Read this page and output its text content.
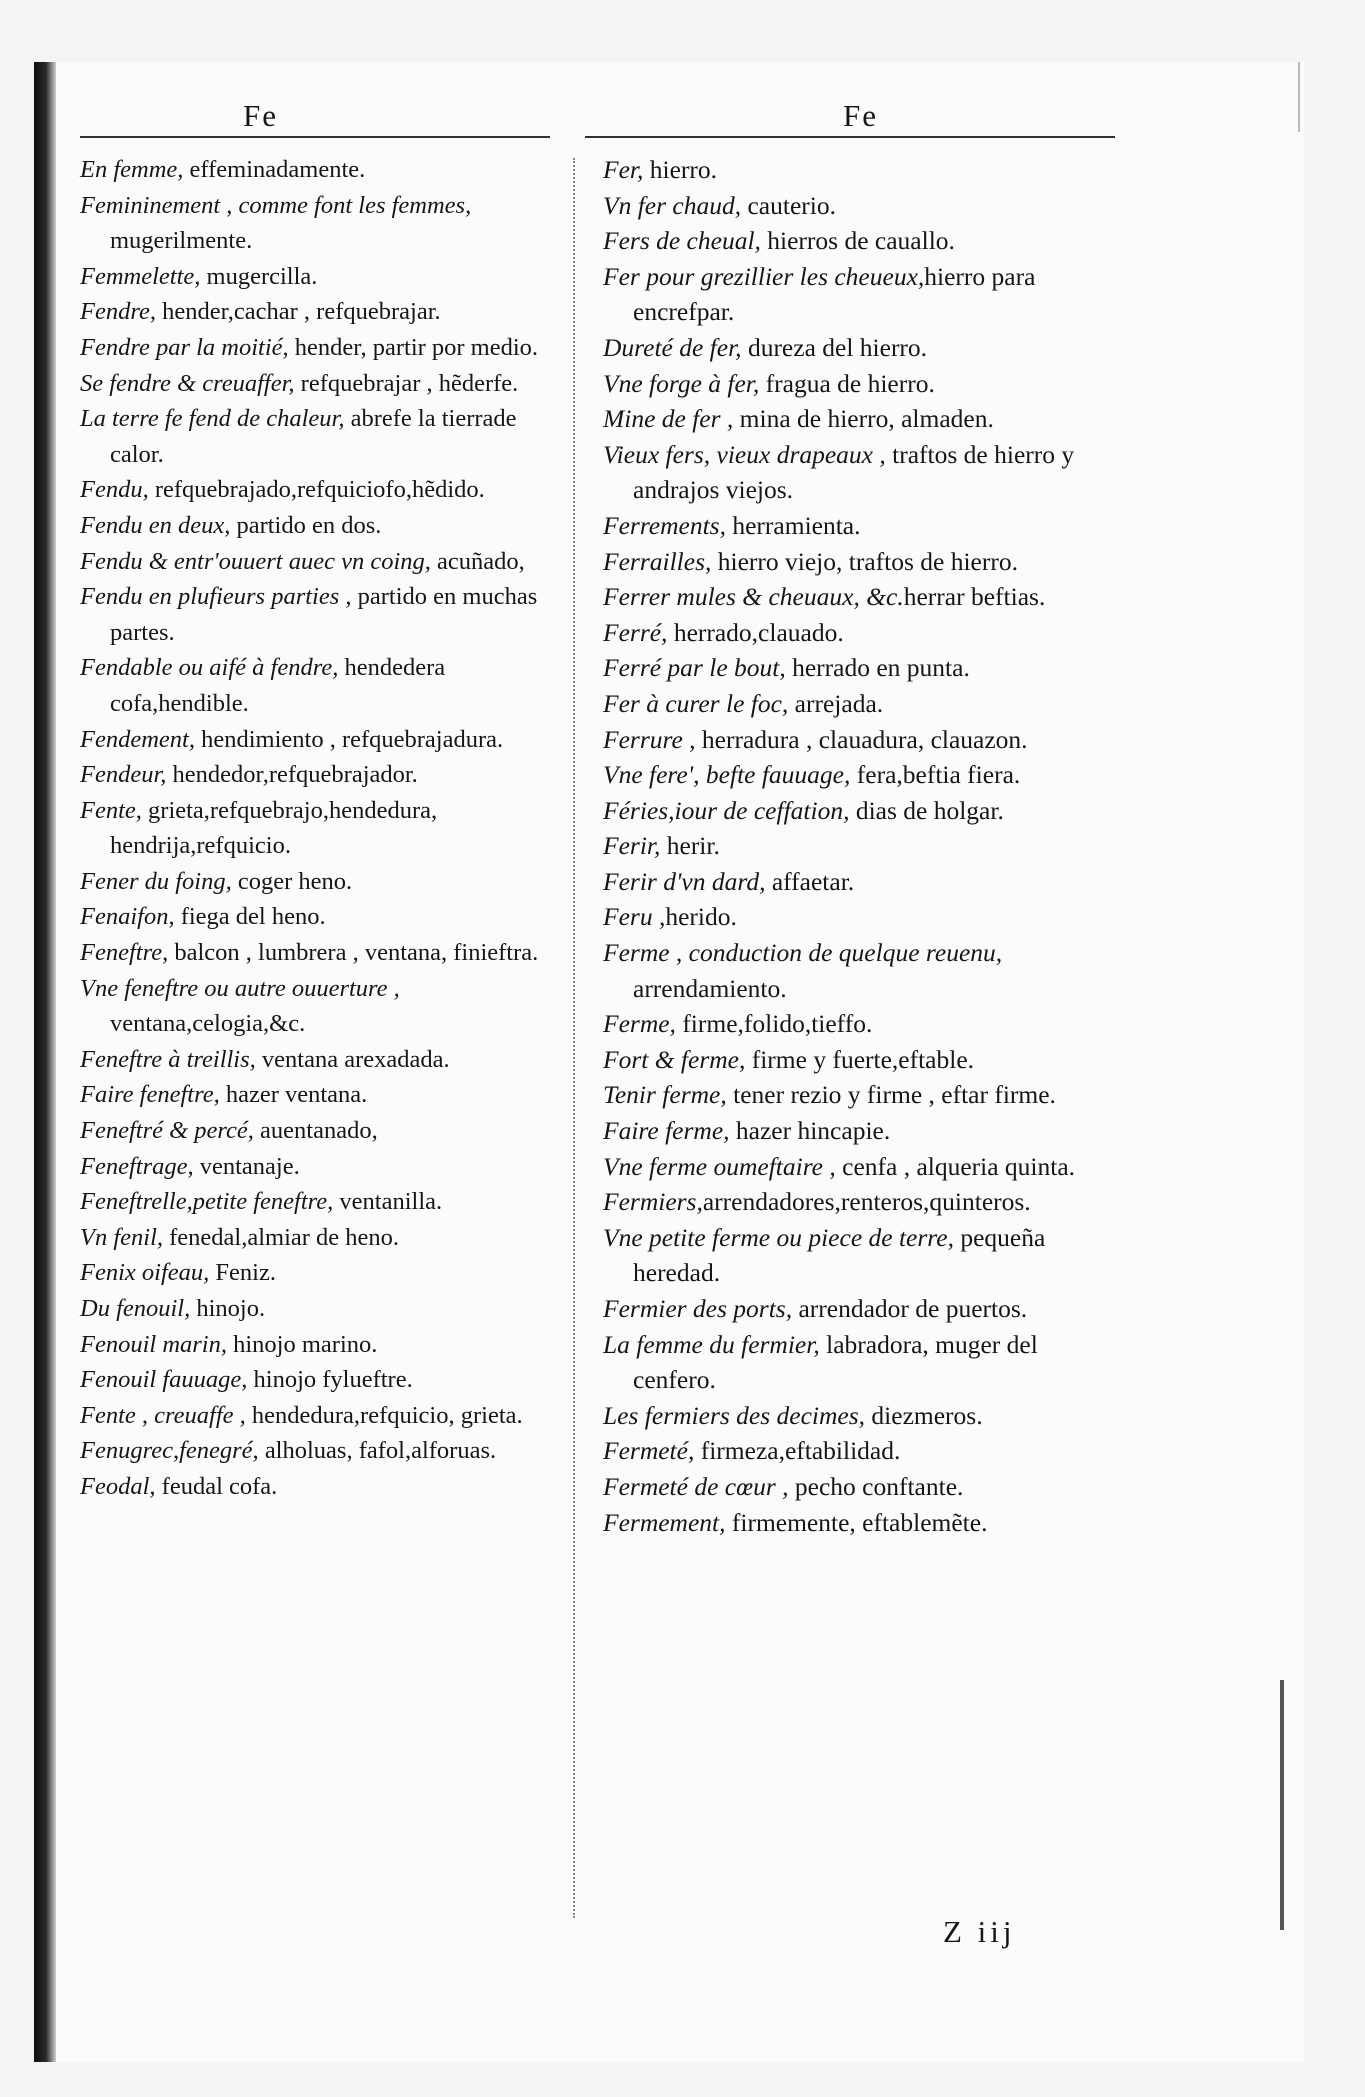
Fe	Fe
En femme, effeminadamente.
Femininement , comme font les femmes, mugerilmente.
Femmelette, mugercilla.
Fendre, hender,cachar , refquebrajar.
Fendre par la moitié, hender, partir por medio.
Se fendre & creuaffer, refquebrajar , hẽderfe.
La terre fe fend de chaleur, abrefe la tierrade calor.
Fendu, refquebrajado,refquiciofo,hẽdido.
Fendu en deux, partido en dos.
Fendu & entr'ouuert auec vn coing, acuñado,
Fendu en plufieurs parties , partido en muchas partes.
Fendable ou aifé à fendre, hendedera cofa,hendible.
Fendement, hendimiento , refquebrajadura.
Fendeur, hendedor,refquebrajador.
Fente, grieta,refquebrajo,hendedura, hendrija,refquicio.
Fener du foing, coger heno.
Fenaifon, fiega del heno.
Feneftre, balcon , lumbrera , ventana, finieftra.
Vne feneftre ou autre ouuerture , ventana,celogia,&c.
Feneftre à treillis, ventana arexadada.
Faire feneftre, hazer ventana.
Feneftré & percé, auentanado,
Feneftrage, ventanaje.
Feneftrelle,petite feneftre, ventanilla.
Vn fenil, fenedal,almiar de heno.
Fenix oifeau, Feniz.
Du fenouil, hinojo.
Fenouil marin, hinojo marino.
Fenouil fauuage, hinojo fylueftre.
Fente , creuaffe , hendedura,refquicio, grieta.
Fenugrec,fenegré, alholuas, fafol,alforuas.
Feodal, feudal cofa.
Fer, hierro.
Vn fer chaud, cauterio.
Fers de cheual, hierros de cauallo.
Fer pour grezillier les cheueux,hierro para encrefpar.
Dureté de fer, dureza del hierro.
Vne forge à fer, fragua de hierro.
Mine de fer , mina de hierro, almaden.
Vieux fers, vieux drapeaux , traftos de hierro y andrajos viejos.
Ferrements, herramienta.
Ferrailles, hierro viejo, traftos de hierro.
Ferrer mules & cheuaux, &c.herrar beftias.
Ferré, herrado,clauado.
Ferré par le bout, herrado en punta.
Fer à curer le foc, arrejada.
Ferrure , herradura , clauadura, clauazon.
Vne fere', befte fauuage, fera,beftia fiera.
Féries,iour de ceffation, dias de holgar.
Ferir, herir.
Ferir d'vn dard, affaetar.
Feru ,herido.
Ferme , conduction de quelque reuenu, arrendamiento.
Ferme, firme,folido,tieffo.
Fort & ferme, firme y fuerte,eftable.
Tenir ferme, tener rezio y firme , eftar firme.
Faire ferme, hazer hincapie.
Vne ferme oumeftaire , cenfa , alqueria quinta.
Fermiers,arrendadores,renteros,quinteros.
Vne petite ferme ou piece de terre, pequeña heredad.
Fermier des ports, arrendador de puertos.
La femme du fermier, labradora, muger del cenfero.
Les fermiers des decimes, diezmeros.
Fermeté, firmeza,eftabilidad.
Fermeté de cœur , pecho conftante.
Fermement, firmemente, eftablemẽte.
Z iij
